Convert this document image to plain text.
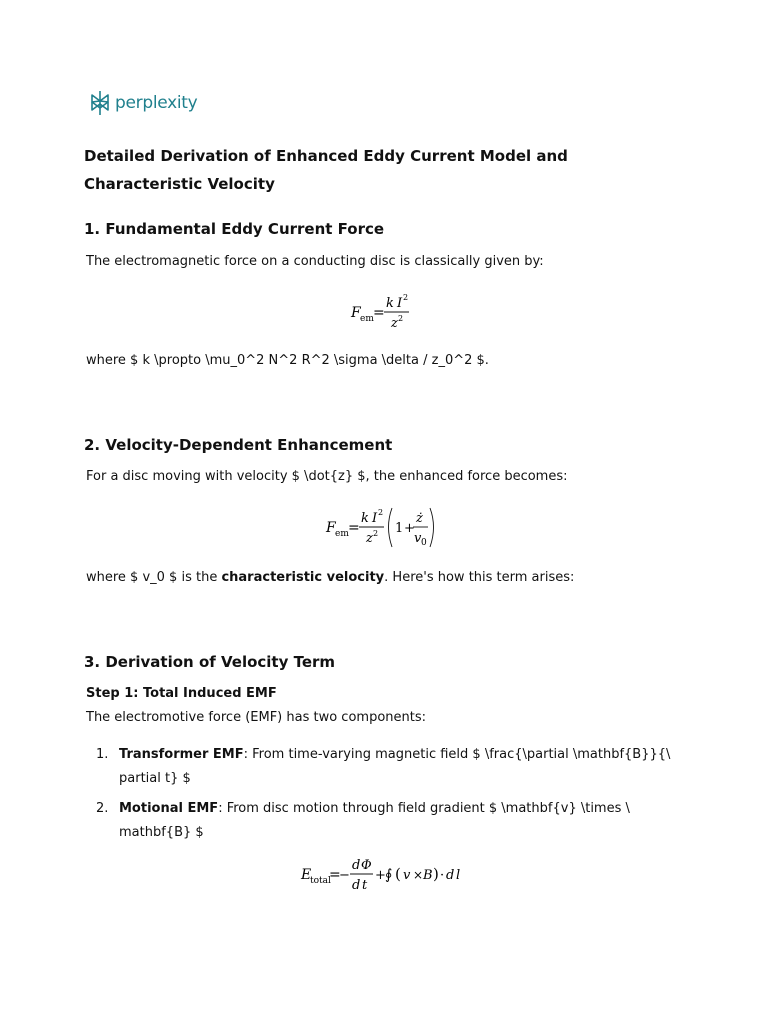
perplexity
Detailed Derivation of Enhanced Eddy Current Model and Characteristic Velocity
1. Fundamental Eddy Current Force

The electromagnetic force on a conducting disc is classically given by:

F em =
k I 2
z 2

where $ k \propto \mu_0^2 N^2 R^2 \sigma \delta / z_0^2 $.

2. Velocity-Dependent Enhancement

For a disc moving with velocity $ \dot{z} $, the enhanced force becomes:

F em =
k I 2
z 2 1 +
ż
v 0

where $ v_0 $ is the characteristic velocity. Here's how this term arises:

3. Derivation of Velocity Term

Step 1: Total Induced EMF

The electromotive force (EMF) has two components:

1. Transformer EMF: From time-varying magnetic field $ \frac{\partial \mathbf{B}}{\
partial t} $
2. Motional EMF: From disc motion through field gradient $ \mathbf{v} \times \
mathbf{B} $
E
total
=
−
d Φ
d t
+ ∮ ( v × B ) · d l
